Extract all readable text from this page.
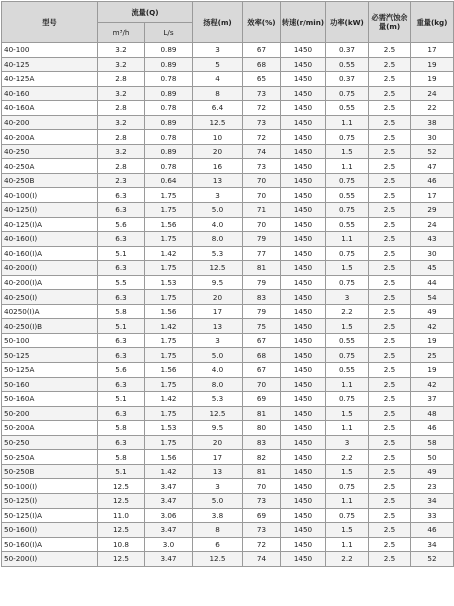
型号	流量(Q)		扬程(m)	效率(%)	转速(r/min)	功率(kW)	必需汽蚀余量(m)	重量(kg)
	m³/h	L/s						
40-100	3.2	0.89	3	67	1450	0.37	2.5	17
40-125	3.2	0.89	5	68	1450	0.55	2.5	19
40-125A	2.8	0.78	4	65	1450	0.37	2.5	19
40-160	3.2	0.89	8	73	1450	0.75	2.5	24
40-160A	2.8	0.78	6.4	72	1450	0.55	2.5	22
40-200	3.2	0.89	12.5	73	1450	1.1	2.5	38
40-200A	2.8	0.78	10	72	1450	0.75	2.5	30
40-250	3.2	0.89	20	74	1450	1.5	2.5	52
40-250A	2.8	0.78	16	73	1450	1.1	2.5	47
40-250B	2.3	0.64	13	70	1450	0.75	2.5	46
40-100(I)	6.3	1.75	3	70	1450	0.55	2.5	17
40-125(I)	6.3	1.75	5.0	71	1450	0.75	2.5	29
40-125(I)A	5.6	1.56	4.0	70	1450	0.55	2.5	24
40-160(I)	6.3	1.75	8.0	79	1450	1.1	2.5	43
40-160(I)A	5.1	1.42	5.3	77	1450	0.75	2.5	30
40-200(I)	6.3	1.75	12.5	81	1450	1.5	2.5	45
40-200(I)A	5.5	1.53	9.5	79	1450	0.75	2.5	44
40-250(I)	6.3	1.75	20	83	1450	3	2.5	54
40250(I)A	5.8	1.56	17	79	1450	2.2	2.5	49
40-250(I)B	5.1	1.42	13	75	1450	1.5	2.5	42
50-100	6.3	1.75	3	67	1450	0.55	2.5	19
50-125	6.3	1.75	5.0	68	1450	0.75	2.5	25
50-125A	5.6	1.56	4.0	67	1450	0.55	2.5	19
50-160	6.3	1.75	8.0	70	1450	1.1	2.5	42
50-160A	5.1	1.42	5.3	69	1450	0.75	2.5	37
50-200	6.3	1.75	12.5	81	1450	1.5	2.5	48
50-200A	5.8	1.53	9.5	80	1450	1.1	2.5	46
50-250	6.3	1.75	20	83	1450	3	2.5	58
50-250A	5.8	1.56	17	82	1450	2.2	2.5	50
50-250B	5.1	1.42	13	81	1450	1.5	2.5	49
50-100(I)	12.5	3.47	3	70	1450	0.75	2.5	23
50-125(I)	12.5	3.47	5.0	73	1450	1.1	2.5	34
50-125(I)A	11.0	3.06	3.8	69	1450	0.75	2.5	33
50-160(I)	12.5	3.47	8	73	1450	1.5	2.5	46
50-160(I)A	10.8	3.0	6	72	1450	1.1	2.5	34
50-200(I)	12.5	3.47	12.5	74	1450	2.2	2.5	52
